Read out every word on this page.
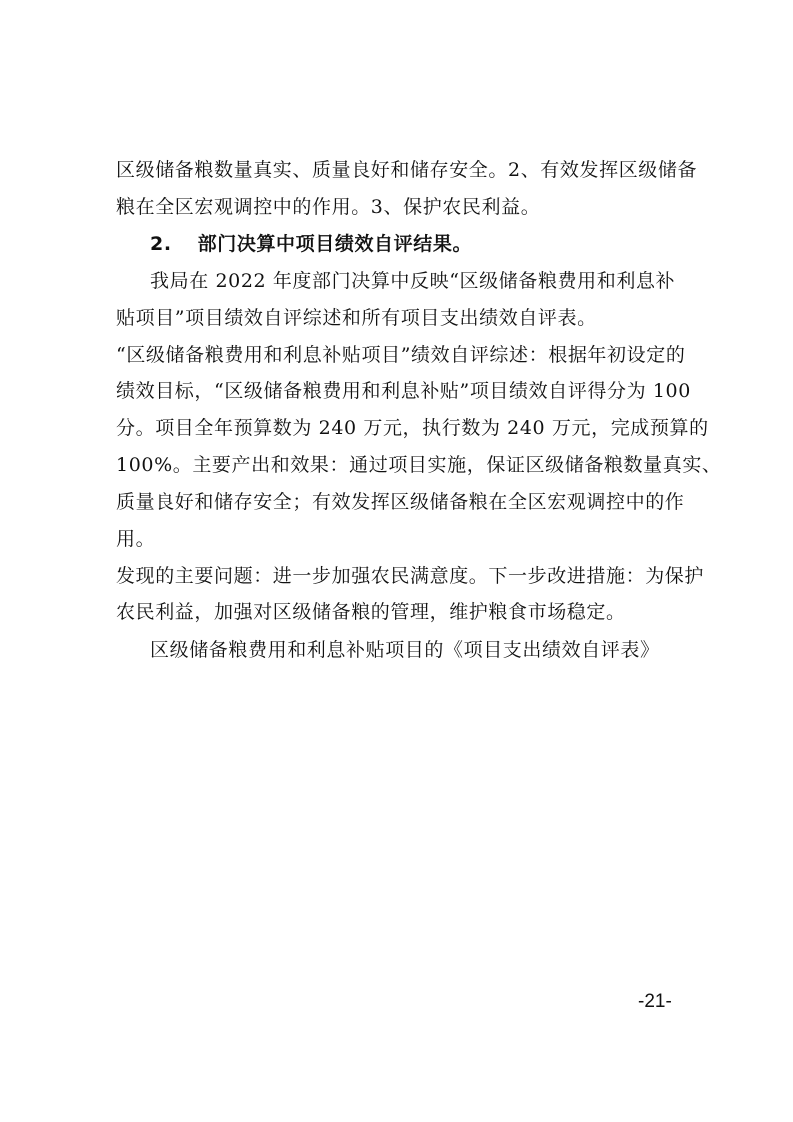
区级储备粮数量真实、质量良好和储存安全。2、有效发挥区级储备
粮在全区宏观调控中的作用。3、保护农民利益。
2. 部门决算中项目绩效自评结果。
我局在 2022 年度部门决算中反映“区级储备粮费用和利息补
贴项目”项目绩效自评综述和所有项目支出绩效自评表。
“区级储备粮费用和利息补贴项目”绩效自评综述：根据年初设定的
绩效目标，“区级储备粮费用和利息补贴”项目绩效自评得分为 100
分。项目全年预算数为 240 万元，执行数为 240 万元，完成预算的
100%。主要产出和效果：通过项目实施，保证区级储备粮数量真实、
质量良好和储存安全；有效发挥区级储备粮在全区宏观调控中的作
用。
发现的主要问题：进一步加强农民满意度。下一步改进措施：为保护
农民利益，加强对区级储备粮的管理，维护粮食市场稳定。
区级储备粮费用和利息补贴项目的《项目支出绩效自评表》
-21-
